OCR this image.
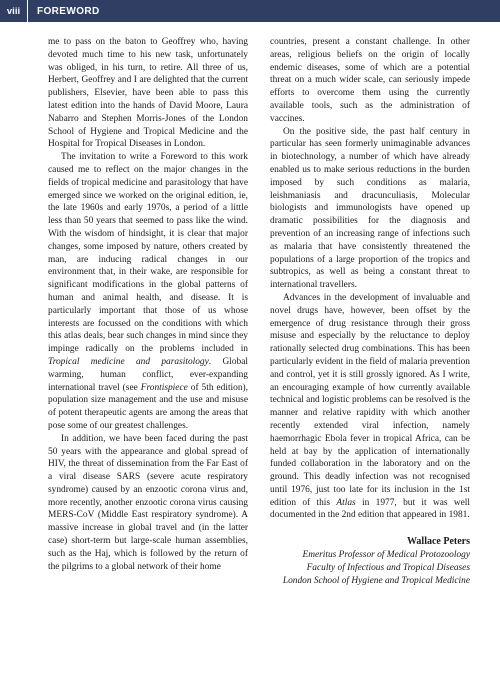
viii	FOREWORD

me to pass on the baton to Geoffrey who, having devoted much time to his new task, unfortunately was obliged, in his turn, to retire. All three of us, Herbert, Geoffrey and I are delighted that the current publishers, Elsevier, have been able to pass this latest edition into the hands of David Moore, Laura Nabarro and Stephen Morris-Jones of the London School of Hygiene and Tropical Medicine and the Hospital for Tropical Diseases in London.

The invitation to write a Foreword to this work caused me to reflect on the major changes in the fields of tropical medicine and parasitology that have emerged since we worked on the original edition, ie, the late 1960s and early 1970s, a period of a little less than 50 years that seemed to pass like the wind. With the wisdom of hindsight, it is clear that major changes, some imposed by nature, others created by man, are inducing radical changes in our environment that, in their wake, are responsible for significant modifications in the global patterns of human and animal health, and disease. It is particularly important that those of us whose interests are focussed on the conditions with which this atlas deals, bear such changes in mind since they impinge radically on the problems included in Tropical medicine and parasitology. Global warming, human conflict, ever-expanding international travel (see Frontispiece of 5th edition), population size management and the use and misuse of potent therapeutic agents are among the areas that pose some of our greatest challenges.

In addition, we have been faced during the past 50 years with the appearance and global spread of HIV, the threat of dissemination from the Far East of a viral disease SARS (severe acute respiratory syndrome) caused by an enzootic corona virus and, more recently, another enzootic corona virus causing MERS-CoV (Middle East respiratory syndrome). A massive increase in global travel and (in the latter case) short-term but large-scale human assemblies, such as the Haj, which is followed by the return of the pilgrims to a global network of their home

countries, present a constant challenge. In other areas, religious beliefs on the origin of locally endemic diseases, some of which are a potential threat on a much wider scale, can seriously impede efforts to overcome them using the currently available tools, such as the administration of vaccines.

On the positive side, the past half century in particular has seen formerly unimaginable advances in biotechnology, a number of which have already enabled us to make serious reductions in the burden imposed by such conditions as malaria, leishmaniasis and dracunculiasis, Molecular biologists and immunologists have opened up dramatic possibilities for the diagnosis and prevention of an increasing range of infections such as malaria that have consistently threatened the populations of a large proportion of the tropics and subtropics, as well as being a constant threat to international travellers.

Advances in the development of invaluable and novel drugs have, however, been offset by the emergence of drug resistance through their gross misuse and especially by the reluctance to deploy rationally selected drug combinations. This has been particularly evident in the field of malaria prevention and control, yet it is still grossly ignored. As I write, an encouraging example of how currently available technical and logistic problems can be resolved is the manner and relative rapidity with which another recently extended viral infection, namely haemorrhagic Ebola fever in tropical Africa, can be held at bay by the application of internationally funded collaboration in the laboratory and on the ground. This deadly infection was not recognised until 1976, just too late for its inclusion in the 1st edition of this Atlas in 1977, but it was well documented in the 2nd edition that appeared in 1981.

Wallace Peters
Emeritus Professor of Medical Protozoology
Faculty of Infectious and Tropical Diseases
London School of Hygiene and Tropical Medicine
